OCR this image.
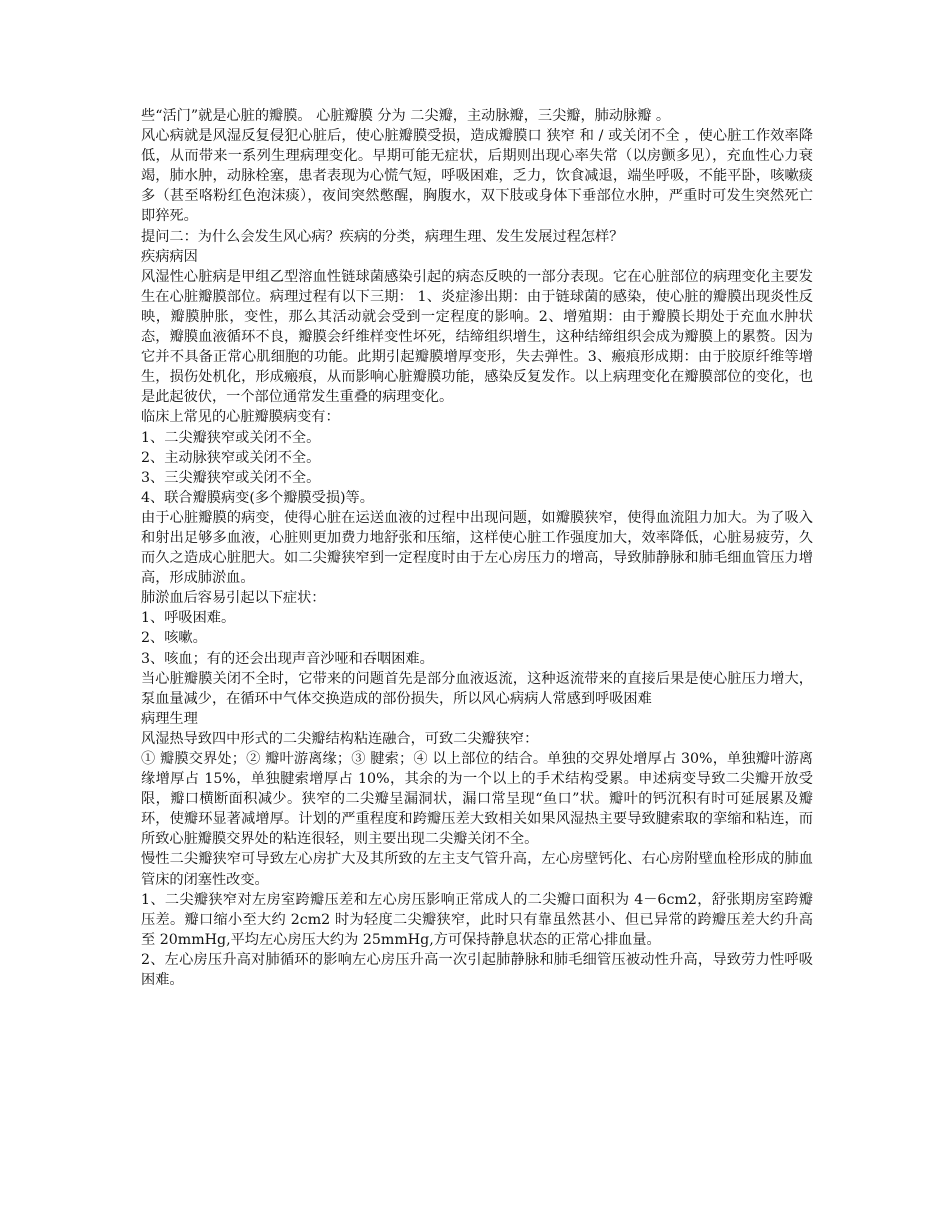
些“活门”就是心脏的瓣膜。 心脏瓣膜 分为 二尖瓣，主动脉瓣，三尖瓣，肺动脉瓣 。

风心病就是风湿反复侵犯心脏后，使心脏瓣膜受损，造成瓣膜口 狭窄 和 / 或关闭不全 ，使心脏工作效率降低，从而带来一系列生理病理变化。早期可能无症状，后期则出现心率失常（以房颤多见），充血性心力衰竭，肺水肿，动脉栓塞，患者表现为心慌气短，呼吸困难，乏力，饮食减退，端坐呼吸，不能平卧，咳嗽痰多（甚至咯粉红色泡沫痰），夜间突然憋醒，胸腹水，双下肢或身体下垂部位水肿，严重时可发生突然死亡即猝死。

提问二：为什么会发生风心病？疾病的分类，病理生理、发生发展过程怎样？

疾病病因

风湿性心脏病是甲组乙型溶血性链球菌感染引起的病态反映的一部分表现。它在心脏部位的病理变化主要发生在心脏瓣膜部位。病理过程有以下三期： 1、炎症渗出期：由于链球菌的感染，使心脏的瓣膜出现炎性反映，瓣膜肿胀，变性，那么其活动就会受到一定程度的影响。2、增殖期：由于瓣膜长期处于充血水肿状态，瓣膜血液循环不良，瓣膜会纤维样变性坏死，结缔组织增生，这种结缔组织会成为瓣膜上的累赘。因为它并不具备正常心肌细胞的功能。此期引起瓣膜增厚变形，失去弹性。3、瘢痕形成期：由于胶原纤维等增生，损伤处机化，形成瘢痕，从而影响心脏瓣膜功能，感染反复发作。以上病理变化在瓣膜部位的变化，也是此起彼伏，一个部位通常发生重叠的病理变化。

临床上常见的心脏瓣膜病变有：

1、二尖瓣狭窄或关闭不全。

2、主动脉狭窄或关闭不全。

3、三尖瓣狭窄或关闭不全。

4、联合瓣膜病变(多个瓣膜受损)等。

由于心脏瓣膜的病变，使得心脏在运送血液的过程中出现问题，如瓣膜狭窄，使得血流阻力加大。为了吸入和射出足够多血液，心脏则更加费力地舒张和压缩，这样使心脏工作强度加大，效率降低，心脏易疲劳，久而久之造成心脏肥大。如二尖瓣狭窄到一定程度时由于左心房压力的增高，导致肺静脉和肺毛细血管压力增高，形成肺淤血。

肺淤血后容易引起以下症状：

1、呼吸困难。

2、咳嗽。

3、咳血；有的还会出现声音沙哑和吞咽困难。

当心脏瓣膜关闭不全时，它带来的问题首先是部分血液返流，这种返流带来的直接后果是使心脏压力增大，泵血量减少，在循环中气体交换造成的部份损失，所以风心病病人常感到呼吸困难

病理生理

风湿热导致四中形式的二尖瓣结构粘连融合，可致二尖瓣狭窄：

① 瓣膜交界处；② 瓣叶游离缘；③ 腱索；④ 以上部位的结合。单独的交界处增厚占 30%，单独瓣叶游离缘增厚占 15%，单独腱索增厚占 10%，其余的为一个以上的手术结构受累。申述病变导致二尖瓣开放受限，瓣口横断面积减少。狭窄的二尖瓣呈漏洞状，漏口常呈现“鱼口”状。瓣叶的钙沉积有时可延展累及瓣环，使瓣环显著减增厚。计划的严重程度和跨瓣压差大致相关如果风湿热主要导致腱索取的挛缩和粘连，而所致心脏瓣膜交界处的粘连很轻，则主要出现二尖瓣关闭不全。

慢性二尖瓣狭窄可导致左心房扩大及其所致的左主支气管升高，左心房壁钙化、右心房附壁血栓形成的肺血管床的闭塞性改变。

1、二尖瓣狭窄对左房室跨瓣压差和左心房压影响正常成人的二尖瓣口面积为 4－6cm2，舒张期房室跨瓣压差。瓣口缩小至大约 2cm2 时为轻度二尖瓣狭窄，此时只有靠虽然甚小、但已异常的跨瓣压差大约升高至 20mmHg,平均左心房压大约为 25mmHg,方可保持静息状态的正常心排血量。

2、左心房压升高对肺循环的影响左心房压升高一次引起肺静脉和肺毛细管压被动性升高，导致劳力性呼吸困难。
